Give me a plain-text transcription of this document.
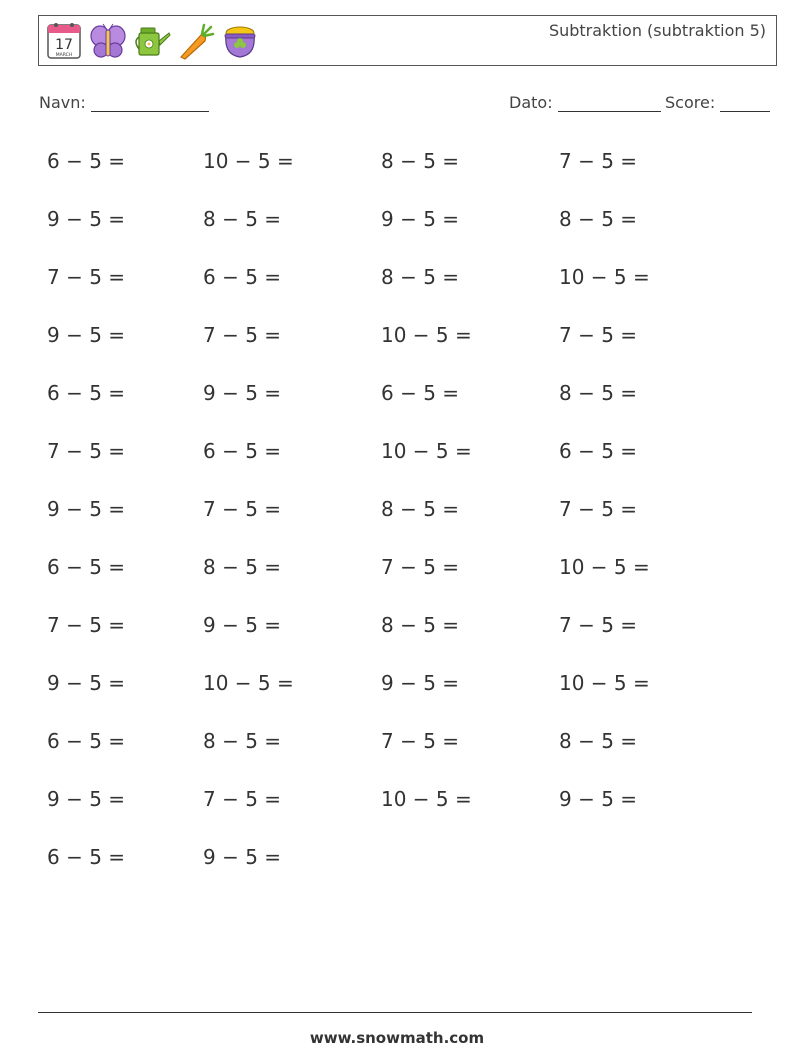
17
MARCH
Subtraktion (subtraktion 5)
Navn:	Dato:	Score:
6 − 5 =	10 − 5 =	8 − 5 =	7 − 5 =
9 − 5 =	8 − 5 =	9 − 5 =	8 − 5 =
7 − 5 =	6 − 5 =	8 − 5 =	10 − 5 =
9 − 5 =	7 − 5 =	10 − 5 =	7 − 5 =
6 − 5 =	9 − 5 =	6 − 5 =	8 − 5 =
7 − 5 =	6 − 5 =	10 − 5 =	6 − 5 =
9 − 5 =	7 − 5 =	8 − 5 =	7 − 5 =
6 − 5 =	8 − 5 =	7 − 5 =	10 − 5 =
7 − 5 =	9 − 5 =	8 − 5 =	7 − 5 =
9 − 5 =	10 − 5 =	9 − 5 =	10 − 5 =
6 − 5 =	8 − 5 =	7 − 5 =	8 − 5 =
9 − 5 =	7 − 5 =	10 − 5 =	9 − 5 =
6 − 5 =	9 − 5 =
www.snowmath.com
